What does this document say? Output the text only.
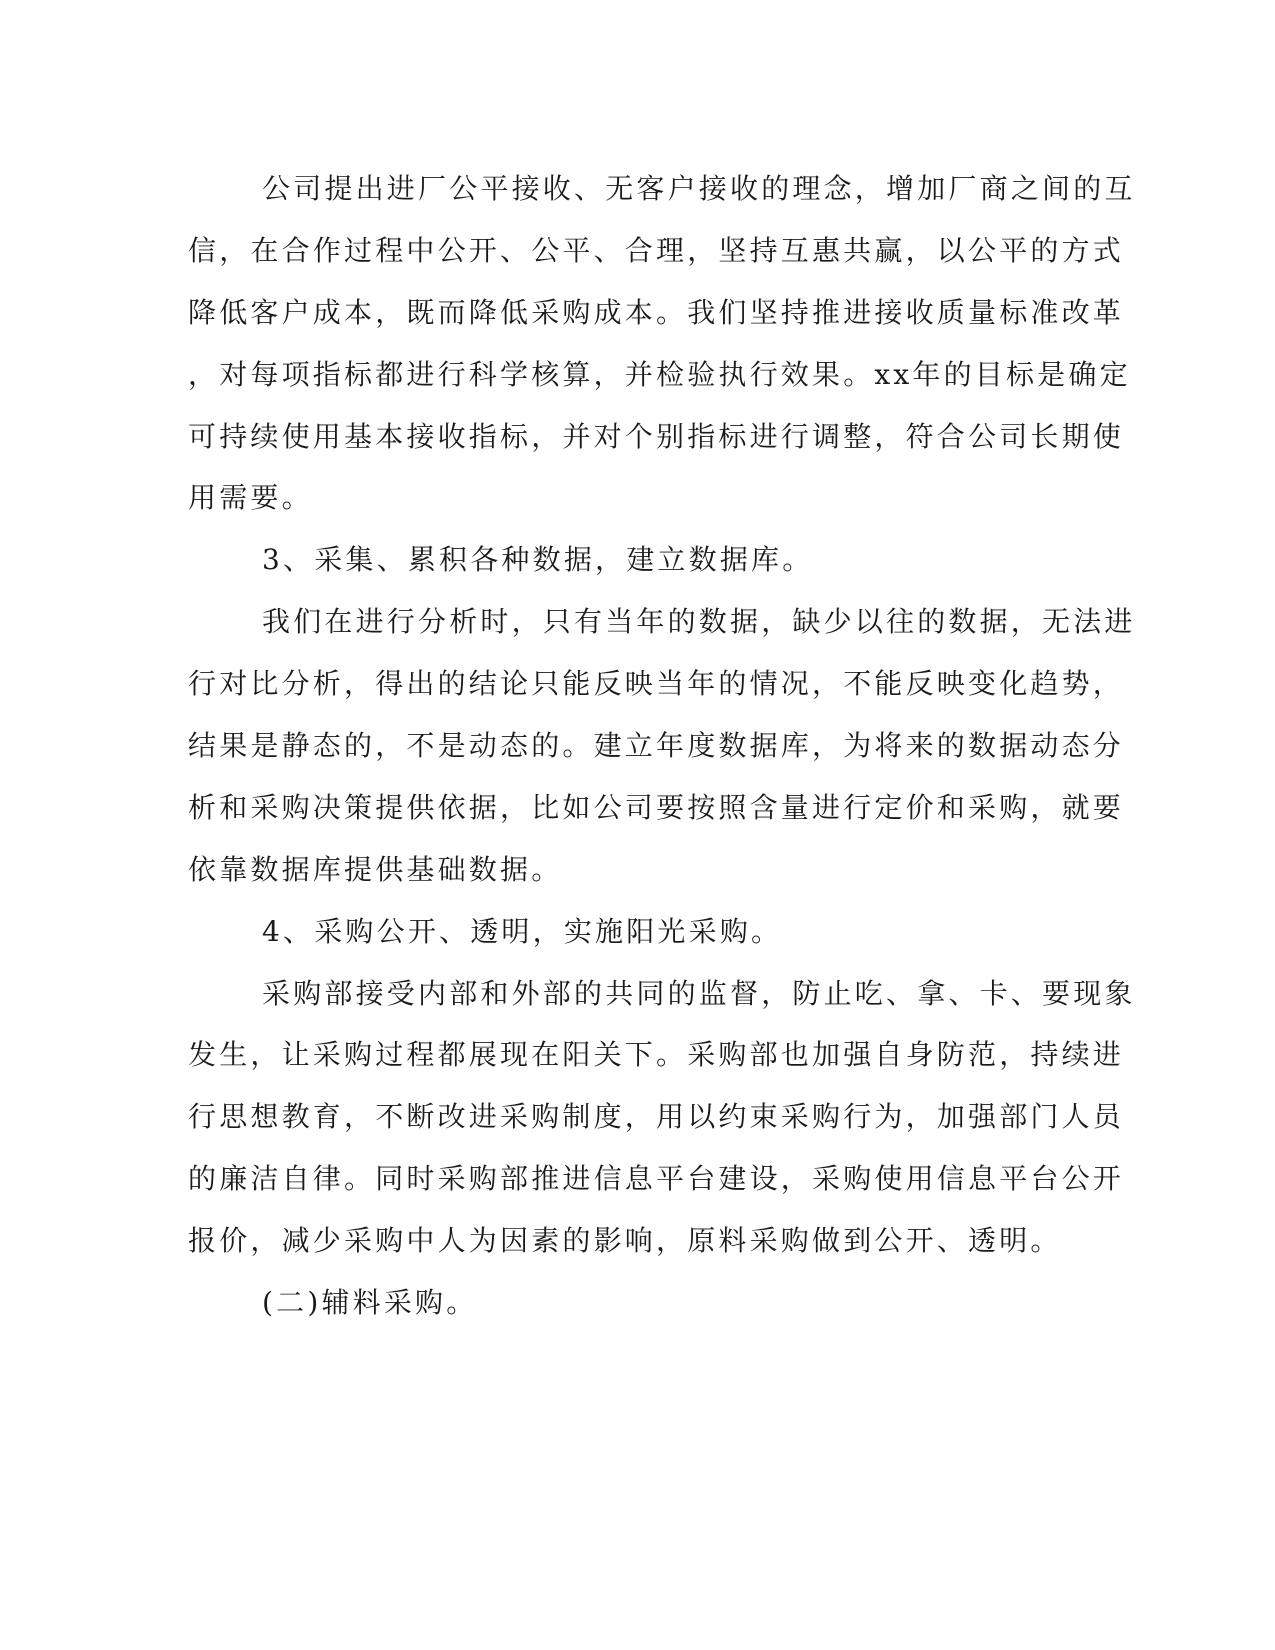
公司提出进厂公平接收、无客户接收的理念，增加厂商之间的互
信，在合作过程中公开、公平、合理，坚持互惠共赢，以公平的方式
降低客户成本，既而降低采购成本。我们坚持推进接收质量标准改革
，对每项指标都进行科学核算，并检验执行效果。xx年的目标是确定
可持续使用基本接收指标，并对个别指标进行调整，符合公司长期使
用需要。
3、采集、累积各种数据，建立数据库。
我们在进行分析时，只有当年的数据，缺少以往的数据，无法进
行对比分析，得出的结论只能反映当年的情况，不能反映变化趋势，
结果是静态的，不是动态的。建立年度数据库，为将来的数据动态分
析和采购决策提供依据，比如公司要按照含量进行定价和采购，就要
依靠数据库提供基础数据。
4、采购公开、透明，实施阳光采购。
采购部接受内部和外部的共同的监督，防止吃、拿、卡、要现象
发生，让采购过程都展现在阳关下。采购部也加强自身防范，持续进
行思想教育，不断改进采购制度，用以约束采购行为，加强部门人员
的廉洁自律。同时采购部推进信息平台建设，采购使用信息平台公开
报价，减少采购中人为因素的影响，原料采购做到公开、透明。
(二)辅料采购。
